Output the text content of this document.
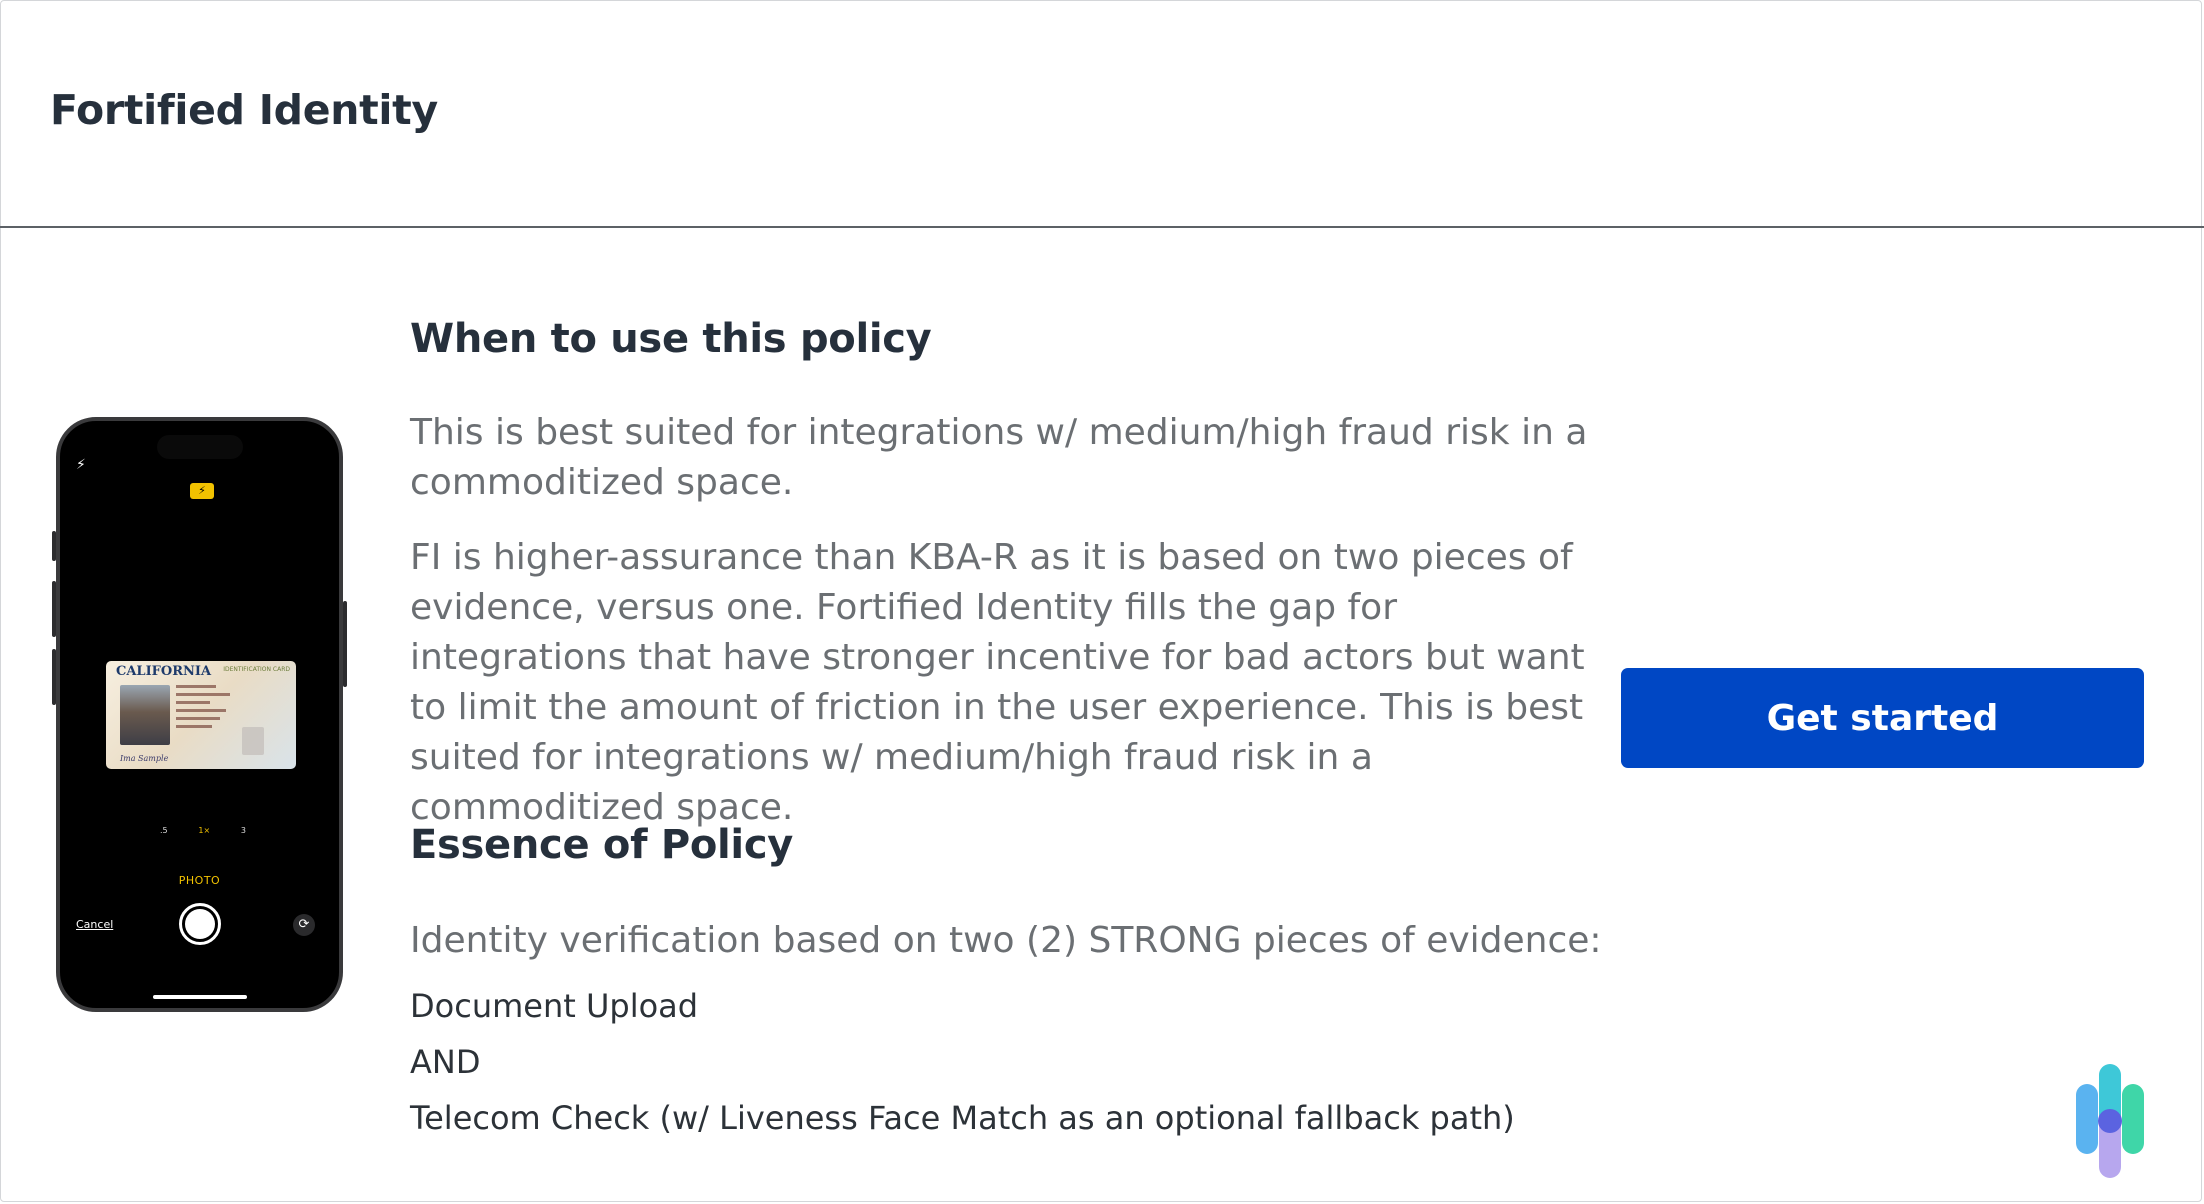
Fortified Identity
⚡︎
⚡︎
CALIFORNIA IDENTIFICATION CARD
Ima Sample
.5	1×	3
PHOTO
Cancel	⟳
When to use this policy

This is best suited for integrations w/ medium/high fraud risk in a commoditized space.

FI is higher-assurance than KBA-R as it is based on two pieces of evidence, versus one. Fortified Identity fills the gap for integrations that have stronger incentive for bad actors but want to limit the amount of friction in the user experience. This is best suited for integrations w/ medium/high fraud risk in a commoditized space.

Essence of Policy

Identity verification based on two (2) STRONG pieces of evidence:

Document Upload

AND

Telecom Check (w/ Liveness Face Match as an optional fallback path)

Get started
